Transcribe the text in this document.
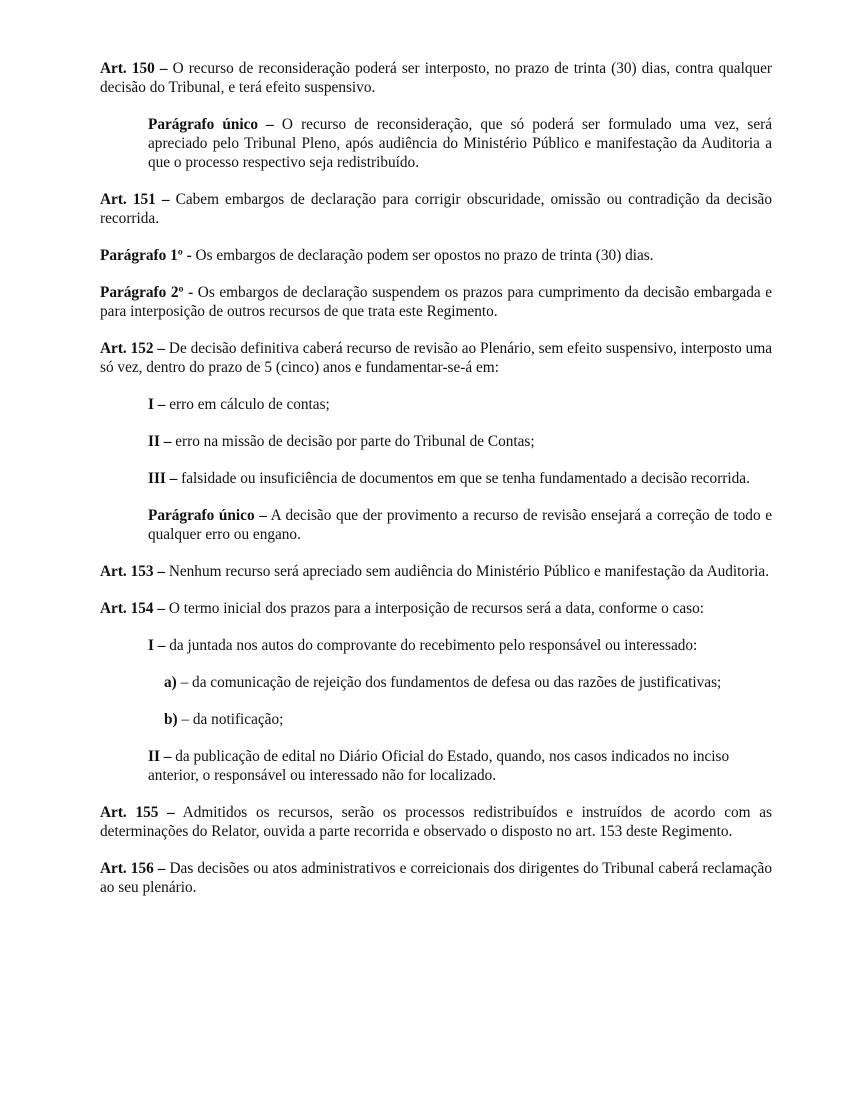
Art. 150 – O recurso de reconsideração poderá ser interposto, no prazo de trinta (30) dias, contra qualquer decisão do Tribunal, e terá efeito suspensivo.

Parágrafo único – O recurso de reconsideração, que só poderá ser formulado uma vez, será apreciado pelo Tribunal Pleno, após audiência do Ministério Público e manifestação da Auditoria a que o processo respectivo seja redistribuído.

Art. 151 – Cabem embargos de declaração para corrigir obscuridade, omissão ou contradição da decisão recorrida.

Parágrafo 1º - Os embargos de declaração podem ser opostos no prazo de trinta (30) dias.

Parágrafo 2º - Os embargos de declaração suspendem os prazos para cumprimento da decisão embargada e para interposição de outros recursos de que trata este Regimento.

Art. 152 – De decisão definitiva caberá recurso de revisão ao Plenário, sem efeito suspensivo, interposto uma só vez, dentro do prazo de 5 (cinco) anos e fundamentar-se-á em:

I – erro em cálculo de contas;

II – erro na missão de decisão por parte do Tribunal de Contas;

III – falsidade ou insuficiência de documentos em que se tenha fundamentado a decisão recorrida.

Parágrafo único – A decisão que der provimento a recurso de revisão ensejará a correção de todo e qualquer erro ou engano.

Art. 153 – Nenhum recurso será apreciado sem audiência do Ministério Público e manifestação da Auditoria.

Art. 154 – O termo inicial dos prazos para a interposição de recursos será a data, conforme o caso:

I – da juntada nos autos do comprovante do recebimento pelo responsável ou interessado:

a) – da comunicação de rejeição dos fundamentos de defesa ou das razões de justificativas;

b) – da notificação;

II – da publicação de edital no Diário Oficial do Estado, quando, nos casos indicados no inciso anterior, o responsável ou interessado não for localizado.

Art. 155 – Admitidos os recursos, serão os processos redistribuídos e instruídos de acordo com as determinações do Relator, ouvida a parte recorrida e observado o disposto no art. 153 deste Regimento.

Art. 156 – Das decisões ou atos administrativos e correicionais dos dirigentes do Tribunal caberá reclamação ao seu plenário.
